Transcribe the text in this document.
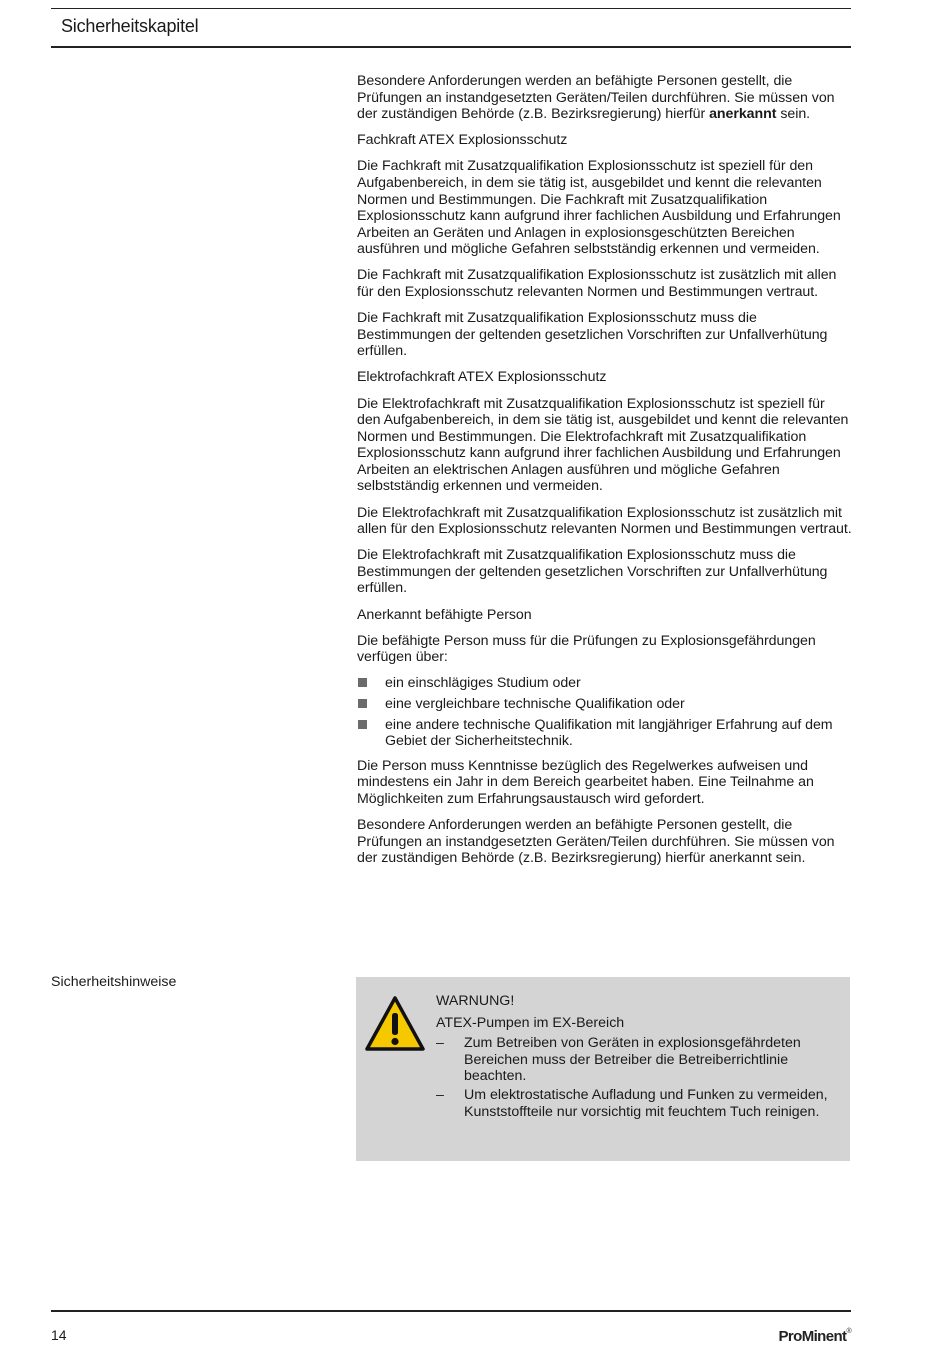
Sicherheitskapitel

Besondere Anforderungen werden an befähigte Personen gestellt, die Prüfungen an instandgesetzten Geräten/Teilen durchführen. Sie müssen von der zuständigen Behörde (z.B. Bezirksregierung) hierfür anerkannt sein.

Fachkraft ATEX Explosionsschutz

Die Fachkraft mit Zusatzqualifikation Explosionsschutz ist speziell für den Aufgabenbereich, in dem sie tätig ist, ausgebildet und kennt die relevanten Normen und Bestimmungen. Die Fachkraft mit Zusatzqualifikation Explosionsschutz kann aufgrund ihrer fachlichen Ausbildung und Erfahrungen Arbeiten an Geräten und Anlagen in explosionsgeschützten Bereichen ausführen und mögliche Gefahren selbstständig erkennen und vermeiden.

Die Fachkraft mit Zusatzqualifikation Explosionsschutz ist zusätzlich mit allen für den Explosionsschutz relevanten Normen und Bestimmungen vertraut.

Die Fachkraft mit Zusatzqualifikation Explosionsschutz muss die Bestimmungen der geltenden gesetzlichen Vorschriften zur Unfallverhütung erfüllen.

Elektrofachkraft ATEX Explosionsschutz

Die Elektrofachkraft mit Zusatzqualifikation Explosionsschutz ist speziell für den Aufgabenbereich, in dem sie tätig ist, ausgebildet und kennt die relevanten Normen und Bestimmungen. Die Elektrofachkraft mit Zusatzqualifikation Explosionsschutz kann aufgrund ihrer fachlichen Ausbildung und Erfahrungen Arbeiten an elektrischen Anlagen ausführen und mögliche Gefahren selbstständig erkennen und vermeiden.

Die Elektrofachkraft mit Zusatzqualifikation Explosionsschutz ist zusätzlich mit allen für den Explosionsschutz relevanten Normen und Bestimmungen vertraut.

Die Elektrofachkraft mit Zusatzqualifikation Explosionsschutz muss die Bestimmungen der geltenden gesetzlichen Vorschriften zur Unfallverhütung erfüllen.

Anerkannt befähigte Person

Die befähigte Person muss für die Prüfungen zu Explosionsgefährdungen verfügen über:

ein einschlägiges Studium oder
eine vergleichbare technische Qualifikation oder
eine andere technische Qualifikation mit langjähriger Erfahrung auf dem Gebiet der Sicherheitstechnik.

Die Person muss Kenntnisse bezüglich des Regelwerkes aufweisen und mindestens ein Jahr in dem Bereich gearbeitet haben. Eine Teilnahme an Möglichkeiten zum Erfahrungsaustausch wird gefordert.

Besondere Anforderungen werden an befähigte Personen gestellt, die Prüfungen an instandgesetzten Geräten/Teilen durchführen. Sie müssen von der zuständigen Behörde (z.B. Bezirksregierung) hierfür anerkannt sein.

Sicherheitshinweise
WARNUNG!
ATEX-Pumpen im EX-Bereich
– Zum Betreiben von Geräten in explosionsgefährdeten Bereichen muss der Betreiber die Betreiberrichtlinie beachten.
– Um elektrostatische Aufladung und Funken zu vermeiden, Kunststoffteile nur vorsichtig mit feuchtem Tuch reinigen.
14	ProMinent®
